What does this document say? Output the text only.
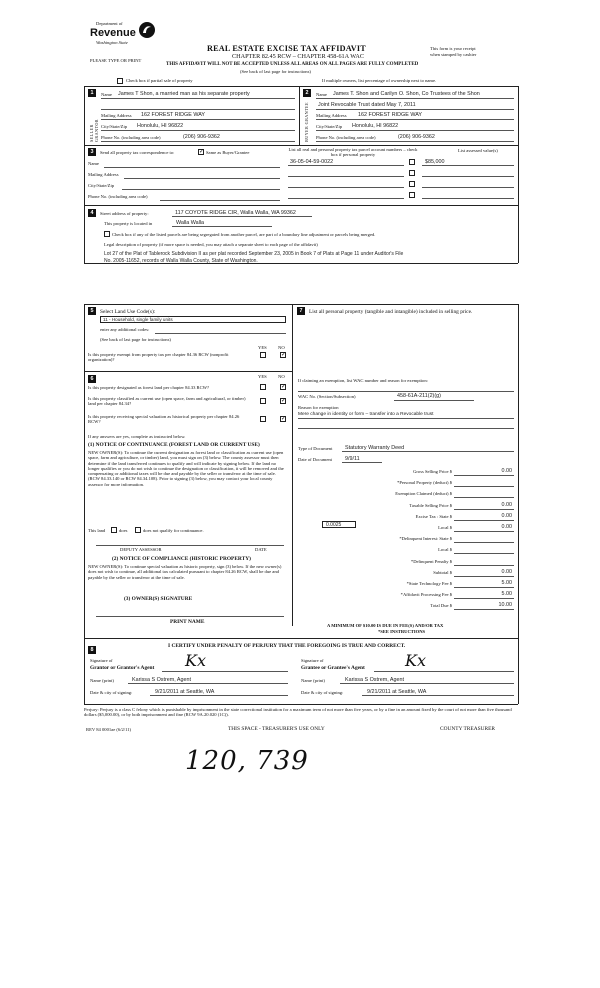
Department of
Revenue
Washington State
PLEASE TYPE OR PRINT
REAL ESTATE EXCISE TAX AFFIDAVIT
CHAPTER 82.45 RCW – CHAPTER 458-61A WAC
THIS AFFIDAVIT WILL NOT BE ACCEPTED UNLESS ALL AREAS ON ALL PAGES ARE FULLY COMPLETED
(See back of last page for instructions)
This form is your receipt
when stamped by cashier
Check box if partial sale of property	If multiple owners, list percentage of ownership next to name.
1
SELLER GRANTOR
Name James T Shon, a married man as his separate property
Mailing Address 162 FOREST RIDGE WAY
City/State/Zip Honolulu, HI 96822
Phone No. (including area code)	(206) 906-9362
2
BUYER GRANTEE
Name James T. Shon and Carilyn O. Shon, Co Trustees of the Shon
Joint Revocable Trust dated May 7, 2011
Mailing Address 162 FOREST RIDGE WAY
City/State/Zip Honolulu, HI 96822
Phone No. (including area code)	(206) 906-9362
3	Send all property tax correspondence to:
✓	Same as Buyer/Grantee
Name
Mailing Address
City/State/Zip
Phone No. (including area code)
List all real and personal property tax parcel account numbers – check box if personal property
List assessed value(s)
36-05-04-59-0022	$85,000
4	Street address of property:	117 COYOTE RIDGE CIR, Walla Walla, WA 99362
This property is located in	Walla Walla
Check box if any of the listed parcels are being segregated from another parcel, are part of a boundary line adjustment or parcels being merged.
Legal description of property (if more space is needed, you may attach a separate sheet to each page of the affidavit)
Lot 27 of the Plat of Tablerock Subdivision II as per plat recorded September 23, 2005 in Book 7 of Plats at Page 11 under Auditor's File
No. 2005-11652, records of Walla Walla County, State of Washington.
5	Select Land Use Code(s):
11 - Household, single family units
enter any additional codes:
(See back of last page for instructions)
YES NO
Is this property exempt from property tax per chapter 84.36 RCW (nonprofit organization)?
✓
7	List all personal property (tangible and intangible) included in selling price.
6	YES NO
Is this property designated as forest land per chapter 84.33 RCW?
✓
Is this property classified as current use (open space, farm and agricultural, or timber) land per chapter 84.34?
✓
Is this property receiving special valuation as historical property per chapter 84.26 RCW?
✓
If any answers are yes, complete as instructed below.
(1) NOTICE OF CONTINUANCE (FOREST LAND OR CURRENT USE)
NEW OWNER(S): To continue the current designation as forest land or classification as current use (open space, farm and agriculture, or timber) land, you must sign on (3) below. The county assessor must then determine if the land transferred continues to qualify and will indicate by signing below. If the land no longer qualifies or you do not wish to continue the designation or classification, it will be removed and the compensating or additional taxes will be due and payable by the seller or transferor at the time of sale. (RCW 84.33.140 or RCW 84.34.108). Prior to signing (3) below, you may contact your local county assessor for more information.
This land	does	does not qualify for continuance.
DEPUTY ASSESSOR	DATE
(2) NOTICE OF COMPLIANCE (HISTORIC PROPERTY)
NEW OWNER(S): To continue special valuation as historic property, sign (3) below. If the new owner(s) does not wish to continue, all additional tax calculated pursuant to chapter 84.26 RCW, shall be due and payable by the seller or transferor at the time of sale.
(3) OWNER(S) SIGNATURE
PRINT NAME
If claiming an exemption, list WAC number and reason for exemption:
WAC No. (Section/Subsection)	458-61A-211(2)(g)
Reason for exemption
Mere change in identity or form – transfer into a Revocable trust
Type of Document Statutory Warranty Deed
Date of Document 9/9/11
Gross Selling Price $	0.00
*Personal Property (deduct) $
Exemption Claimed (deduct) $
Taxable Selling Price $	0.00
Excise Tax : State $	0.00
Local $	0.00
*Delinquent Interest: State $
Local $
*Delinquent Penalty $
Subtotal $	0.00
*State Technology Fee $	5.00
*Affidavit Processing Fee $	5.00
Total Due $	10.00
0.0025
A MINIMUM OF $10.00 IS DUE IN FEE(S) AND/OR TAX
*SEE INSTRUCTIONS
8
I CERTIFY UNDER PENALTY OF PERJURY THAT THE FOREGOING IS TRUE AND CORRECT.
Signature of
Grantor or Grantor's Agent Kx	Signature of
Grantee or Grantee's Agent	Kx
Name (print)	Karissa S Ostrem, Agent	Name (print)	Karissa S Ostrem, Agent
Date & city of signing:	9/21/2011 at Seattle, WA	Date & city of signing:	9/21/2011 at Seattle, WA
Perjury: Perjury is a class C felony which is punishable by imprisonment in the state correctional institution for a maximum term of not more than five years, or by a fine in an amount fixed by the court of not more than five thousand dollars ($5,000.00), or by both imprisonment and fine (RCW 9A.20.020 (1C)).
REV 84 0001ae (6/2/11)	THIS SPACE - TREASURER'S USE ONLY	COUNTY TREASURER
120, 739
